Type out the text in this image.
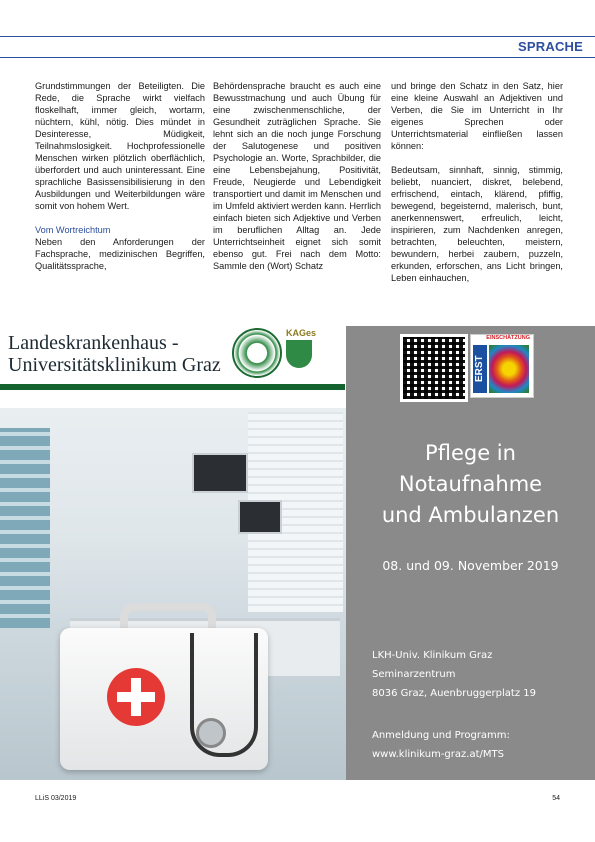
SPRACHE

Grundstimmungen der Beteiligten. Die Rede, die Sprache wirkt vielfach floskelhaft, immer gleich, wortarm, nüchtern, kühl, nötig. Dies mündet in Desinteresse, Müdigkeit, Teilnahmslosigkeit. Hochprofessionelle Menschen wirken plötzlich oberflächlich, überfordert und auch uninteressant. Eine sprachliche Basissensibilisierung in den Ausbildungen und Weiterbildungen wäre somit von hohem Wert.

Vom Wortreichtum

Neben den Anforderungen der Fachsprache, medizinischen Begriffen, Qualitätssprache,

Behördensprache braucht es auch eine Bewusstmachung und auch Übung für eine zwischenmenschliche, der Gesundheit zuträglichen Sprache. Sie lehnt sich an die noch junge Forschung der Salutogenese und positiven Psychologie an. Worte, Sprachbilder, die eine Lebensbejahung, Positivität, Freude, Neugierde und Lebendigkeit transportiert und damit im Menschen und im Umfeld aktiviert werden kann. Herrlich einfach bieten sich Adjektive und Verben im beruflichen Alltag an. Jede Unterrichtseinheit eignet sich somit ebenso gut. Frei nach dem Motto: Sammle den (Wort) Schatz

und bringe den Schatz in den Satz, hier eine kleine Auswahl an Adjektiven und Verben, die Sie im Unterricht in Ihr eigenes Sprechen oder Unterrichtsmaterial einfließen lassen können:

Bedeutsam, sinnhaft, sinnig, stimmig, beliebt, nuanciert, diskret, belebend, erfrischend, eintach, klärend, pfiffig, bewegend, begeisternd, malerisch, bunt, anerkennenswert, erfreulich, leicht, inspirieren, zum Nachdenken anregen, betrachten, beleuchten, meistern, bewundern, herbei zaubern, puzzeln, erkunden, erforschen, ans Licht bringen, Leben einhauchen,

Landeskrankenhaus -
Universitätsklinikum Graz
KAGes	EINSCHÄTZUNG
ERST
Pflege in
Notaufnahme
und Ambulanzen
08. und 09. November 2019
LKH-Univ. Klinikum Graz
Seminarzentrum
8036 Graz, Auenbruggerplatz 19
Anmeldung und Programm:
www.klinikum-graz.at/MTS
LLiS 03/2019	54
